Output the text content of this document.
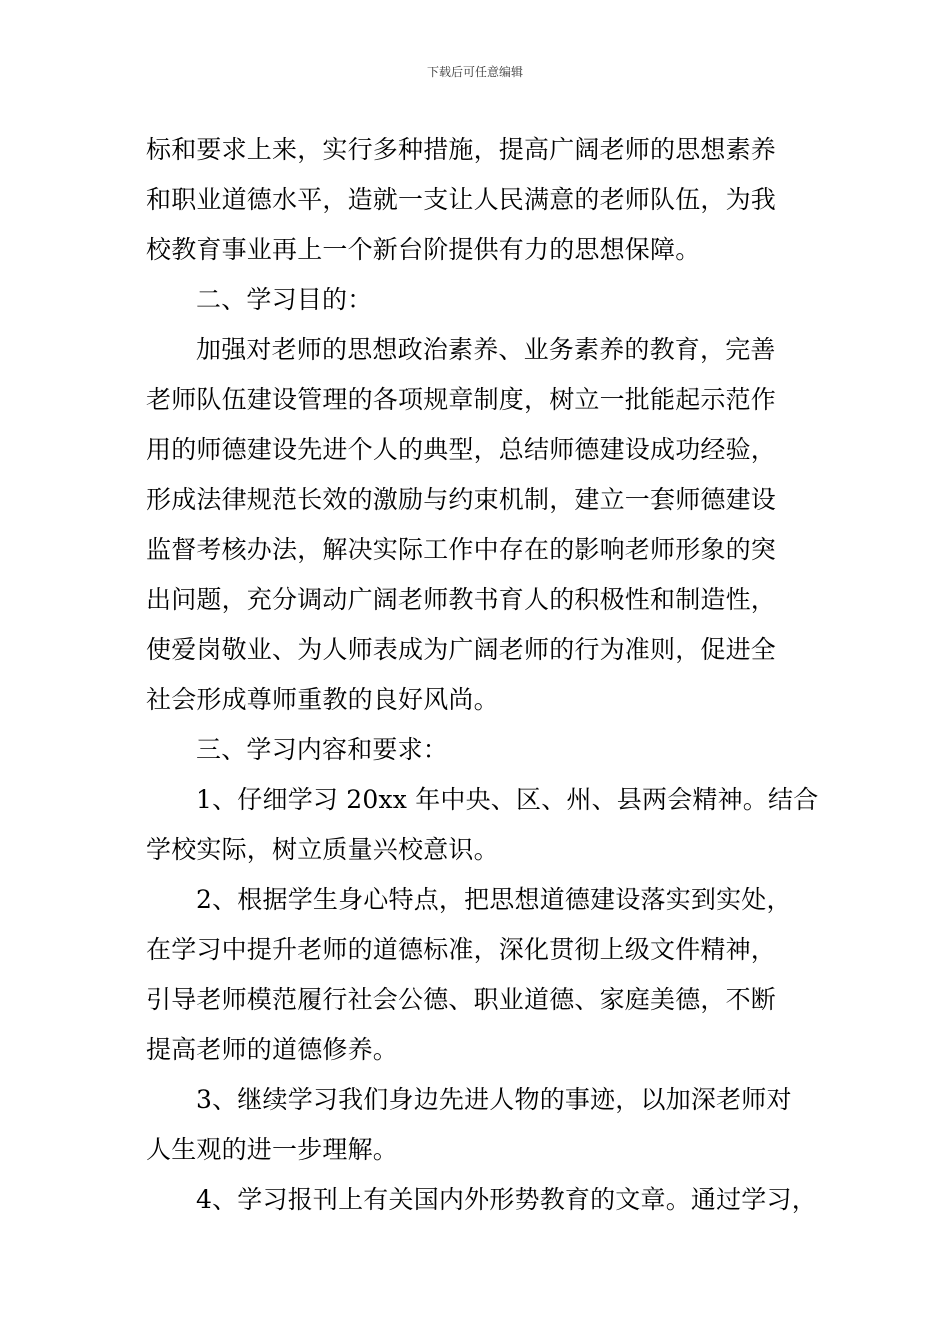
下载后可任意编辑
标和要求上来，实行多种措施，提高广阔老师的思想素养
和职业道德水平，造就一支让人民满意的老师队伍，为我
校教育事业再上一个新台阶提供有力的思想保障。
二、学习目的：
加强对老师的思想政治素养、业务素养的教育，完善
老师队伍建设管理的各项规章制度，树立一批能起示范作
用的师德建设先进个人的典型，总结师德建设成功经验，
形成法律规范长效的激励与约束机制，建立一套师德建设
监督考核办法，解决实际工作中存在的影响老师形象的突
出问题，充分调动广阔老师教书育人的积极性和制造性，
使爱岗敬业、为人师表成为广阔老师的行为准则，促进全
社会形成尊师重教的良好风尚。
三、学习内容和要求：
1、仔细学习 20xx 年中央、区、州、县两会精神。结合
学校实际，树立质量兴校意识。
2、根据学生身心特点，把思想道德建设落实到实处，
在学习中提升老师的道德标准，深化贯彻上级文件精神，
引导老师模范履行社会公德、职业道德、家庭美德，不断
提高老师的道德修养。
3、继续学习我们身边先进人物的事迹，以加深老师对
人生观的进一步理解。
4、学习报刊上有关国内外形势教育的文章。通过学习，
